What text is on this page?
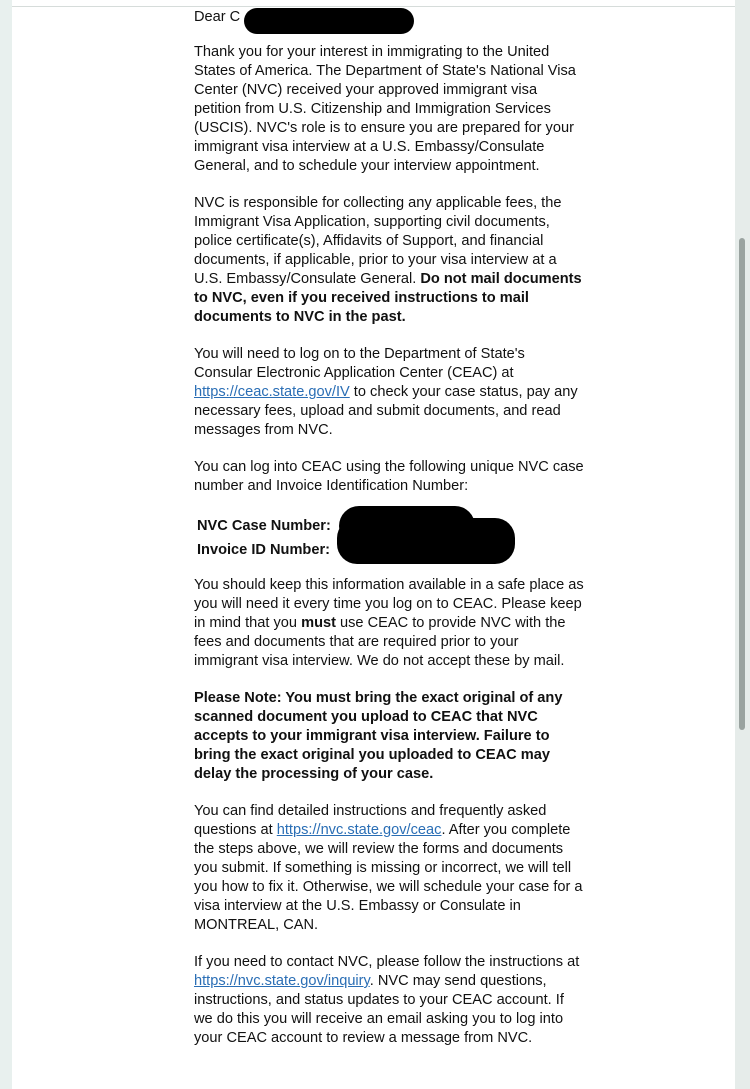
Dear C

Thank you for your interest in immigrating to the United States of America. The Department of State's National Visa Center (NVC) received your approved immigrant visa petition from U.S. Citizenship and Immigration Services (USCIS). NVC's role is to ensure you are prepared for your immigrant visa interview at a U.S. Embassy/Consulate General, and to schedule your interview appointment.

NVC is responsible for collecting any applicable fees, the Immigrant Visa Application, supporting civil documents, police certificate(s), Affidavits of Support, and financial documents, if applicable, prior to your visa interview at a U.S. Embassy/Consulate General. Do not mail documents to NVC, even if you received instructions to mail documents to NVC in the past.

You will need to log on to the Department of State's Consular Electronic Application Center (CEAC) at https://ceac.state.gov/IV to check your case status, pay any necessary fees, upload and submit documents, and read messages from NVC.

You can log into CEAC using the following unique NVC case number and Invoice Identification Number:

NVC Case Number:
Invoice ID Number:

You should keep this information available in a safe place as you will need it every time you log on to CEAC. Please keep in mind that you must use CEAC to provide NVC with the fees and documents that are required prior to your immigrant visa interview. We do not accept these by mail.

Please Note: You must bring the exact original of any scanned document you upload to CEAC that NVC accepts to your immigrant visa interview. Failure to bring the exact original you uploaded to CEAC may delay the processing of your case.

You can find detailed instructions and frequently asked questions at https://nvc.state.gov/ceac. After you complete the steps above, we will review the forms and documents you submit. If something is missing or incorrect, we will tell you how to fix it. Otherwise, we will schedule your case for a visa interview at the U.S. Embassy or Consulate in MONTREAL, CAN.

If you need to contact NVC, please follow the instructions at https://nvc.state.gov/inquiry. NVC may send questions, instructions, and status updates to your CEAC account. If we do this you will receive an email asking you to log into your CEAC account to review a message from NVC.
